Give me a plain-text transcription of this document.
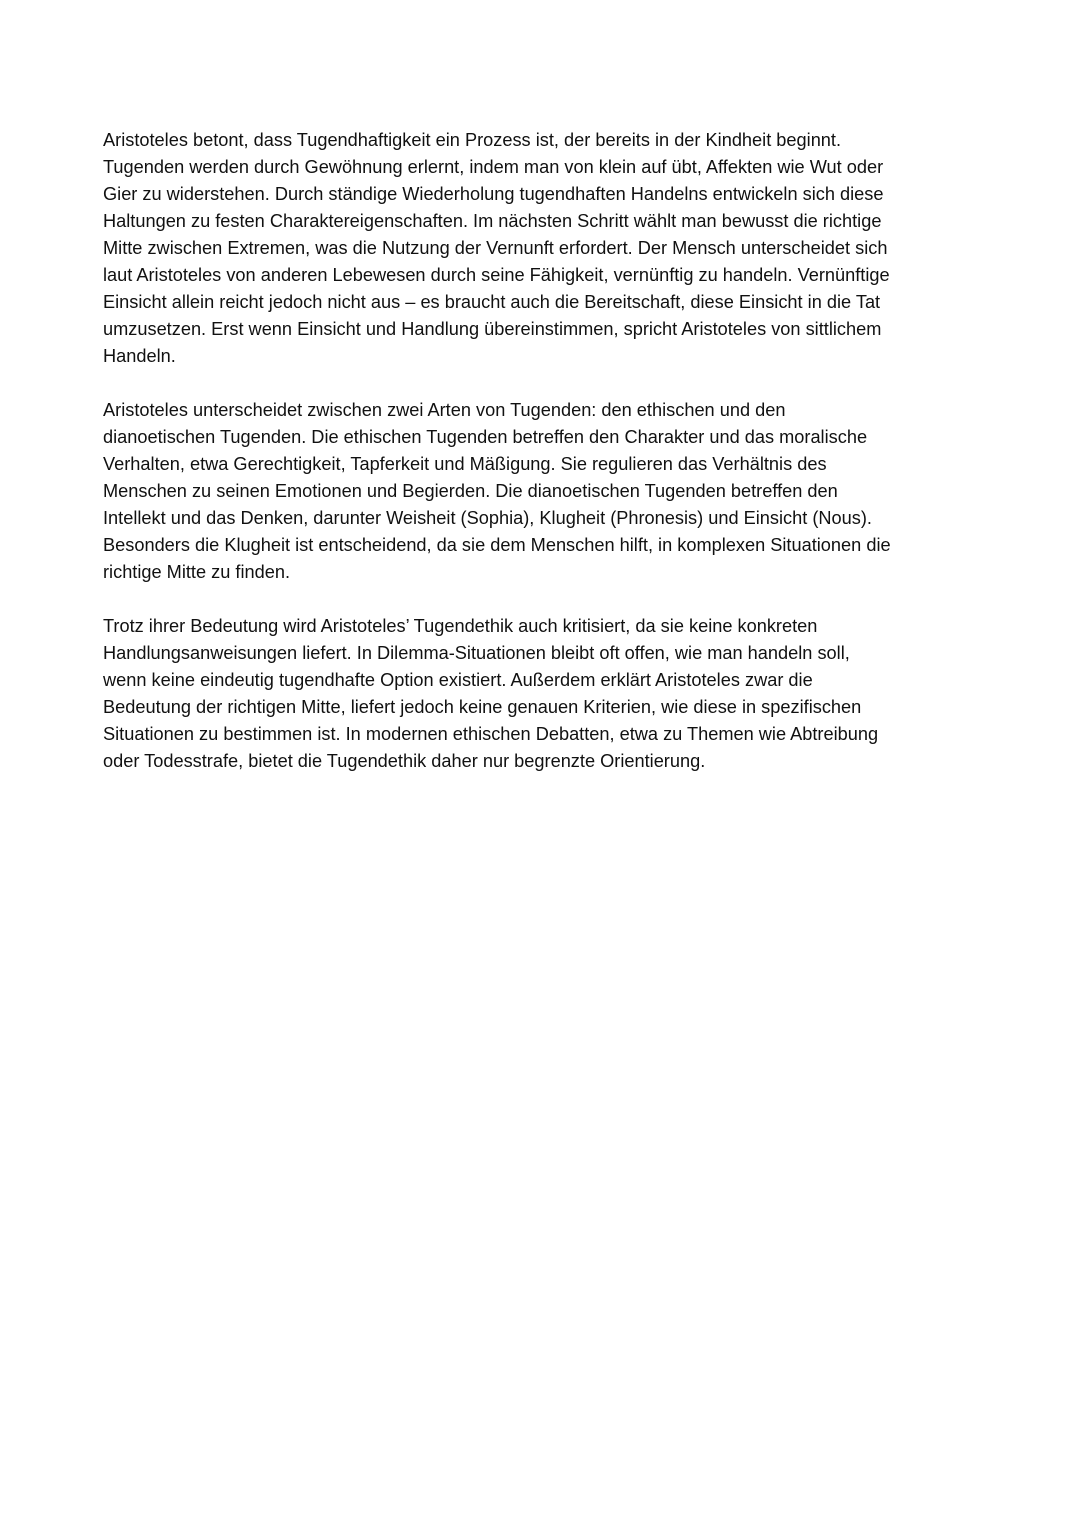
Aristoteles betont, dass Tugendhaftigkeit ein Prozess ist, der bereits in der Kindheit beginnt.
Tugenden werden durch Gewöhnung erlernt, indem man von klein auf übt, Affekten wie Wut oder
Gier zu widerstehen. Durch ständige Wiederholung tugendhaften Handelns entwickeln sich diese
Haltungen zu festen Charaktereigenschaften. Im nächsten Schritt wählt man bewusst die richtige
Mitte zwischen Extremen, was die Nutzung der Vernunft erfordert. Der Mensch unterscheidet sich
laut Aristoteles von anderen Lebewesen durch seine Fähigkeit, vernünftig zu handeln. Vernünftige
Einsicht allein reicht jedoch nicht aus – es braucht auch die Bereitschaft, diese Einsicht in die Tat
umzusetzen. Erst wenn Einsicht und Handlung übereinstimmen, spricht Aristoteles von sittlichem
Handeln.

Aristoteles unterscheidet zwischen zwei Arten von Tugenden: den ethischen und den
dianoetischen Tugenden. Die ethischen Tugenden betreffen den Charakter und das moralische
Verhalten, etwa Gerechtigkeit, Tapferkeit und Mäßigung. Sie regulieren das Verhältnis des
Menschen zu seinen Emotionen und Begierden. Die dianoetischen Tugenden betreffen den
Intellekt und das Denken, darunter Weisheit (Sophia), Klugheit (Phronesis) und Einsicht (Nous).
Besonders die Klugheit ist entscheidend, da sie dem Menschen hilft, in komplexen Situationen die
richtige Mitte zu finden.

Trotz ihrer Bedeutung wird Aristoteles’ Tugendethik auch kritisiert, da sie keine konkreten
Handlungsanweisungen liefert. In Dilemma-Situationen bleibt oft offen, wie man handeln soll,
wenn keine eindeutig tugendhafte Option existiert. Außerdem erklärt Aristoteles zwar die
Bedeutung der richtigen Mitte, liefert jedoch keine genauen Kriterien, wie diese in spezifischen
Situationen zu bestimmen ist. In modernen ethischen Debatten, etwa zu Themen wie Abtreibung
oder Todesstrafe, bietet die Tugendethik daher nur begrenzte Orientierung.
